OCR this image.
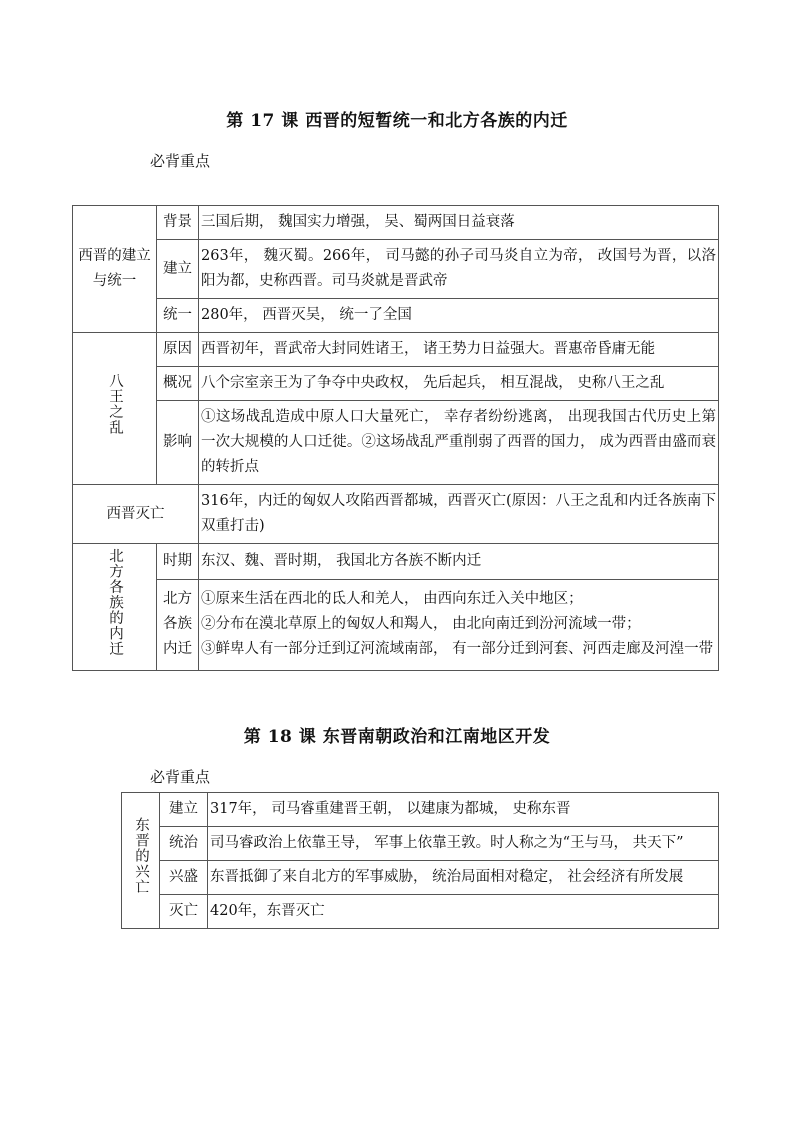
第 17 课 西晋的短暂统一和北方各族的内迁
必背重点
西晋的建立与统一	背景	三国后期， 魏国实力增强， 吴、蜀两国日益衰落
	建立	263年， 魏灭蜀。266年， 司马懿的孙子司马炎自立为帝， 改国号为晋，以洛阳为都，史称西晋。司马炎就是晋武帝
	统一	280年， 西晋灭吴， 统一了全国
八王之乱	原因	西晋初年，晋武帝大封同姓诸王， 诸王势力日益强大。晋惠帝昏庸无能
	概况	八个宗室亲王为了争夺中央政权， 先后起兵， 相互混战， 史称八王之乱
	影响	①这场战乱造成中原人口大量死亡， 幸存者纷纷逃离， 出现我国古代历史上第一次大规模的人口迁徙。②这场战乱严重削弱了西晋的国力， 成为西晋由盛而衰的转折点
西晋灭亡		316年，内迁的匈奴人攻陷西晋都城，西晋灭亡(原因：八王之乱和内迁各族南下双重打击)
北方各族的内迁	时期	东汉、魏、晋时期， 我国北方各族不断内迁
	北方各族内迁	①原来生活在西北的氐人和羌人， 由西向东迁入关中地区；
②分布在漠北草原上的匈奴人和羯人， 由北向南迁到汾河流域一带；
③鲜卑人有一部分迁到辽河流域南部， 有一部分迁到河套、河西走廊及河湟一带
第 18 课 东晋南朝政治和江南地区开发
必背重点
东晋的兴亡	建立	317年， 司马睿重建晋王朝， 以建康为都城， 史称东晋
	统治	司马睿政治上依靠王导， 军事上依靠王敦。时人称之为“王与马， 共天下”
	兴盛	东晋抵御了来自北方的军事威胁， 统治局面相对稳定， 社会经济有所发展
	灭亡	420年，东晋灭亡
